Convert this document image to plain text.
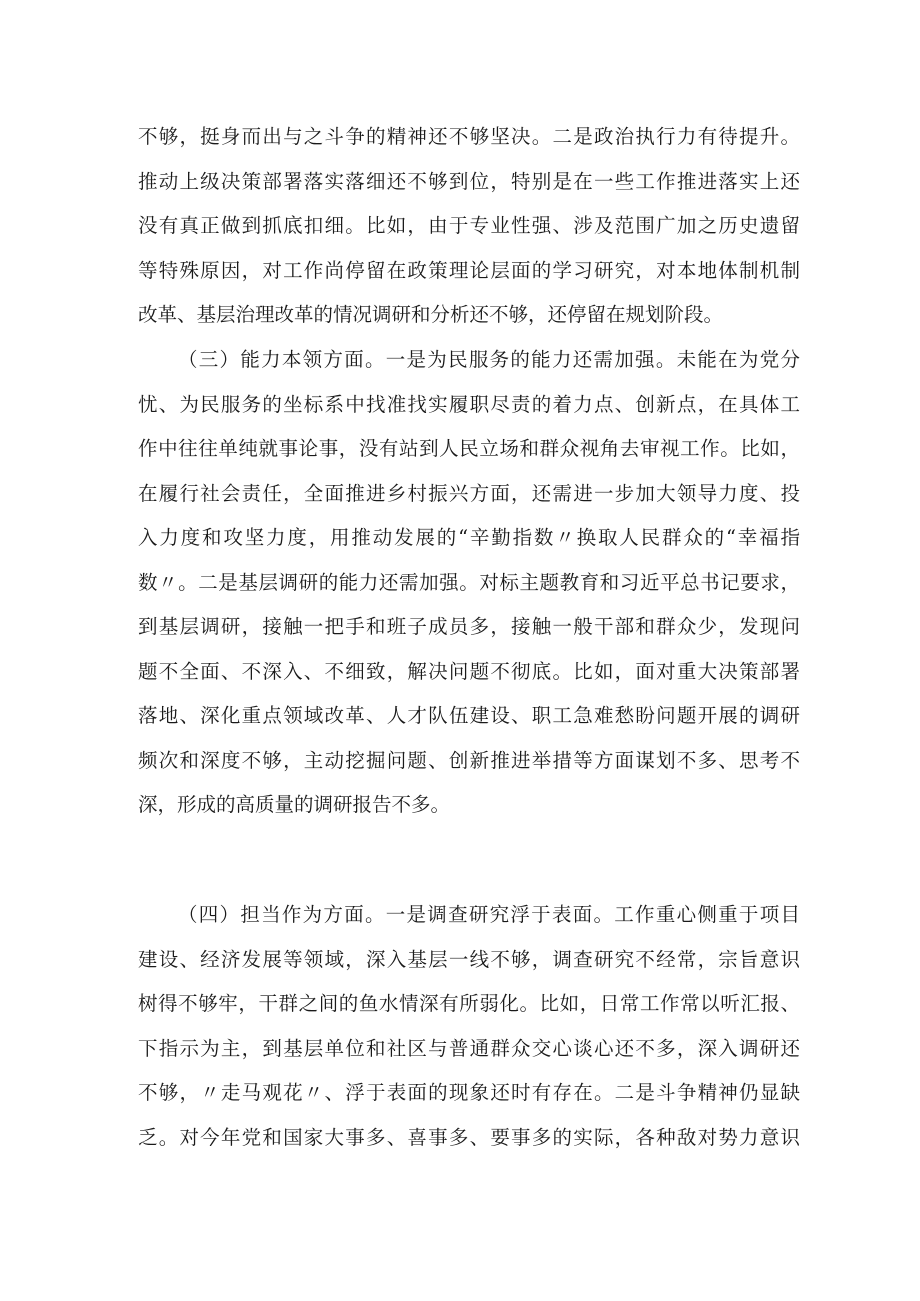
不够，挺身而出与之斗争的精神还不够坚决。二是政治执行力有待提升。
推动上级决策部署落实落细还不够到位，特别是在一些工作推进落实上还
没有真正做到抓底扣细。比如，由于专业性强、涉及范围广加之历史遗留
等特殊原因，对工作尚停留在政策理论层面的学习研究，对本地体制机制
改革、基层治理改革的情况调研和分析还不够，还停留在规划阶段。
（三）能力本领方面。一是为民服务的能力还需加强。未能在为党分
忧、为民服务的坐标系中找准找实履职尽责的着力点、创新点，在具体工
作中往往单纯就事论事，没有站到人民立场和群众视角去审视工作。比如，
在履行社会责任，全面推进乡村振兴方面，还需进一步加大领导力度、投
入力度和攻坚力度，用推动发展的“辛勤指数〃换取人民群众的“幸福指
数〃。二是基层调研的能力还需加强。对标主题教育和习近平总书记要求，
到基层调研，接触一把手和班子成员多，接触一般干部和群众少，发现问
题不全面、不深入、不细致，解决问题不彻底。比如，面对重大决策部署
落地、深化重点领域改革、人才队伍建设、职工急难愁盼问题开展的调研
频次和深度不够，主动挖掘问题、创新推进举措等方面谋划不多、思考不
深，形成的高质量的调研报告不多。
（四）担当作为方面。一是调查研究浮于表面。工作重心侧重于项目
建设、经济发展等领域，深入基层一线不够，调查研究不经常，宗旨意识
树得不够牢，干群之间的鱼水情深有所弱化。比如，日常工作常以听汇报、
下指示为主，到基层单位和社区与普通群众交心谈心还不多，深入调研还
不够，〃走马观花〃、浮于表面的现象还时有存在。二是斗争精神仍显缺
乏。对今年党和国家大事多、喜事多、要事多的实际，各种敌对势力意识
